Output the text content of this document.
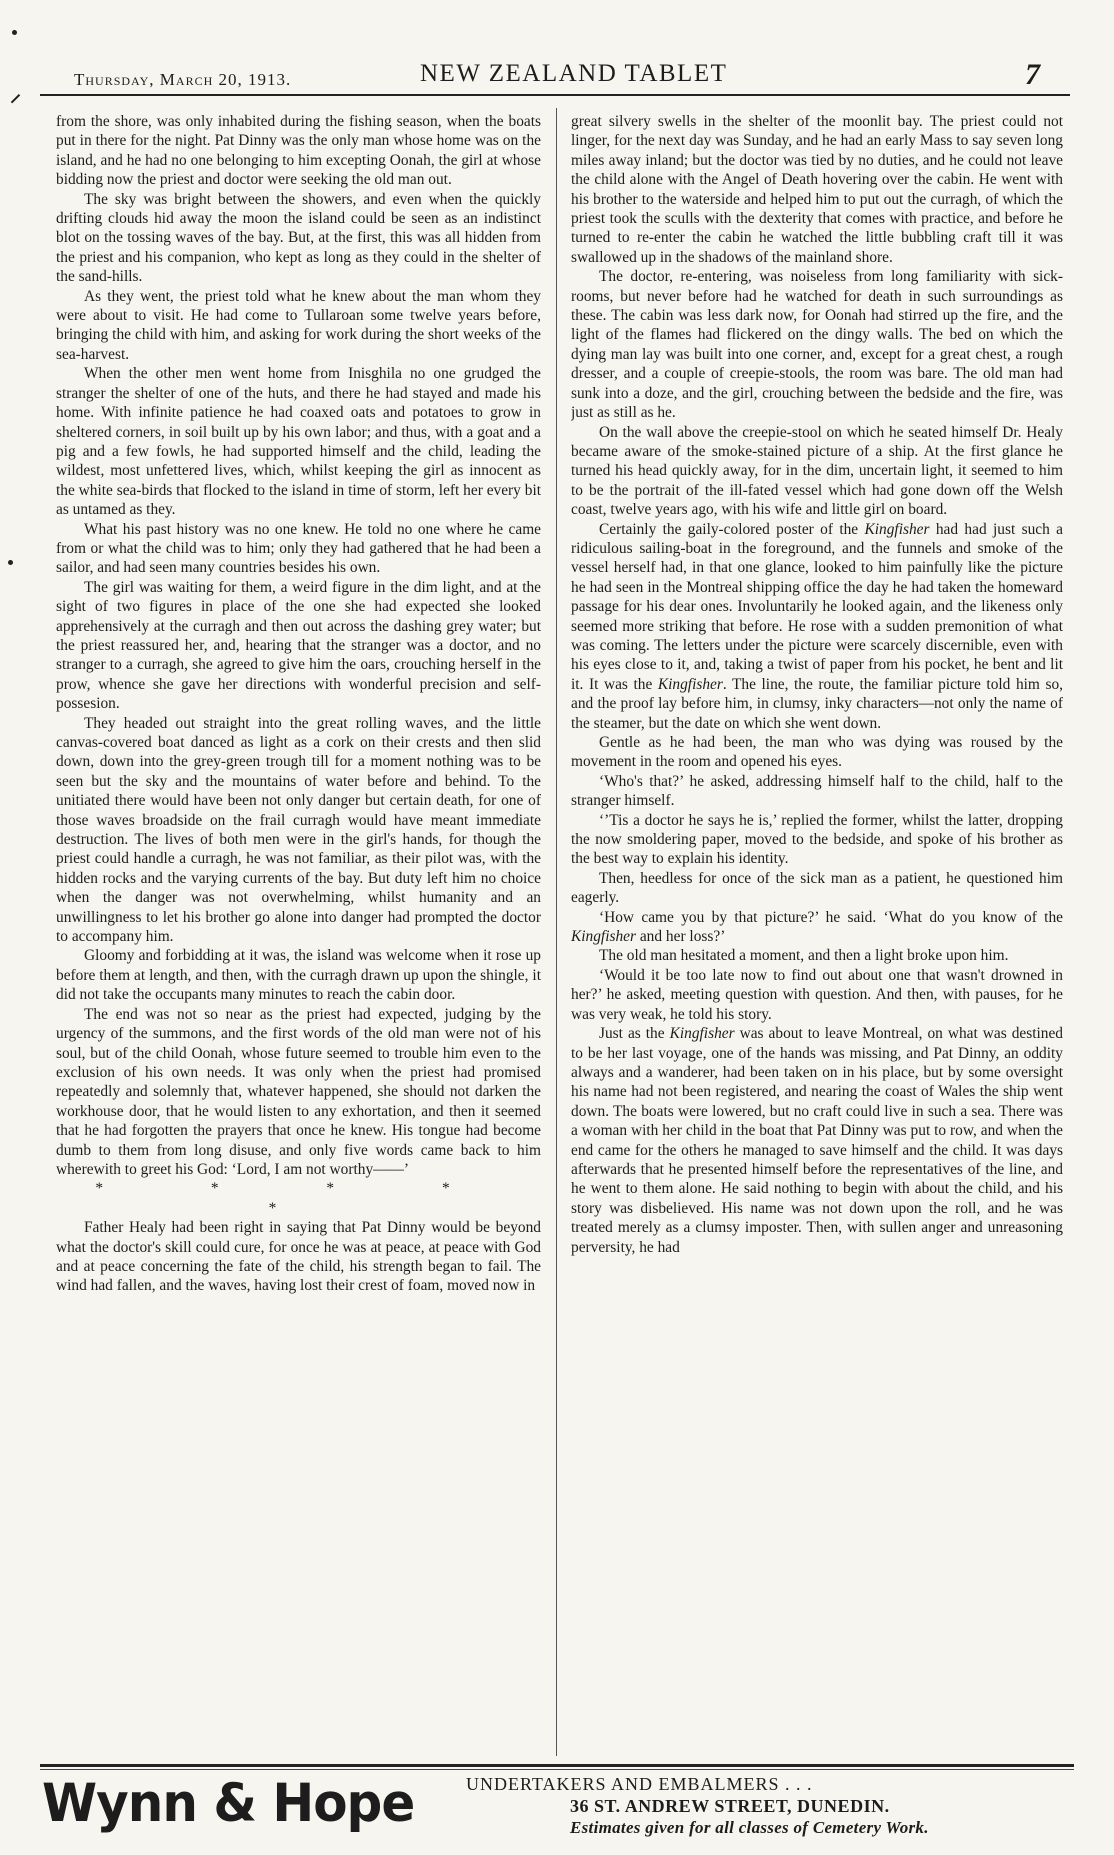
⸝
Thursday, March 20, 1913.	NEW ZEALAND TABLET	7

from the shore, was only inhabited during the fishing season, when the boats put in there for the night. Pat Dinny was the only man whose home was on the island, and he had no one belonging to him excepting Oonah, the girl at whose bidding now the priest and doctor were seeking the old man out.

The sky was bright between the showers, and even when the quickly drifting clouds hid away the moon the island could be seen as an indistinct blot on the tossing waves of the bay. But, at the first, this was all hidden from the priest and his companion, who kept as long as they could in the shelter of the sand-hills.

As they went, the priest told what he knew about the man whom they were about to visit. He had come to Tullaroan some twelve years before, bringing the child with him, and asking for work during the short weeks of the sea-harvest.

When the other men went home from Inisghila no one grudged the stranger the shelter of one of the huts, and there he had stayed and made his home. With infinite patience he had coaxed oats and potatoes to grow in sheltered corners, in soil built up by his own labor; and thus, with a goat and a pig and a few fowls, he had supported himself and the child, leading the wildest, most unfettered lives, which, whilst keeping the girl as innocent as the white sea-birds that flocked to the island in time of storm, left her every bit as untamed as they.

What his past history was no one knew. He told no one where he came from or what the child was to him; only they had gathered that he had been a sailor, and had seen many countries besides his own.

The girl was waiting for them, a weird figure in the dim light, and at the sight of two figures in place of the one she had expected she looked apprehensively at the curragh and then out across the dashing grey water; but the priest reassured her, and, hearing that the stranger was a doctor, and no stranger to a curragh, she agreed to give him the oars, crouching herself in the prow, whence she gave her directions with wonderful precision and self-possesion.

They headed out straight into the great rolling waves, and the little canvas-covered boat danced as light as a cork on their crests and then slid down, down into the grey-green trough till for a moment nothing was to be seen but the sky and the mountains of water before and behind. To the unitiated there would have been not only danger but certain death, for one of those waves broadside on the frail curragh would have meant immediate destruction. The lives of both men were in the girl's hands, for though the priest could handle a curragh, he was not familiar, as their pilot was, with the hidden rocks and the varying currents of the bay. But duty left him no choice when the danger was not overwhelming, whilst humanity and an unwillingness to let his brother go alone into danger had prompted the doctor to accompany him.

Gloomy and forbidding at it was, the island was welcome when it rose up before them at length, and then, with the curragh drawn up upon the shingle, it did not take the occupants many minutes to reach the cabin door.

The end was not so near as the priest had expected, judging by the urgency of the summons, and the first words of the old man were not of his soul, but of the child Oonah, whose future seemed to trouble him even to the exclusion of his own needs. It was only when the priest had promised repeatedly and solemnly that, whatever happened, she should not darken the workhouse door, that he would listen to any exhortation, and then it seemed that he had forgotten the prayers that once he knew. His tongue had become dumb to them from long disuse, and only five words came back to him wherewith to greet his God: ‘Lord, I am not worthy——’

* * * * *

Father Healy had been right in saying that Pat Dinny would be beyond what the doctor's skill could cure, for once he was at peace, at peace with God and at peace concerning the fate of the child, his strength began to fail. The wind had fallen, and the waves, having lost their crest of foam, moved now in

great silvery swells in the shelter of the moonlit bay. The priest could not linger, for the next day was Sunday, and he had an early Mass to say seven long miles away inland; but the doctor was tied by no duties, and he could not leave the child alone with the Angel of Death hovering over the cabin. He went with his brother to the waterside and helped him to put out the curragh, of which the priest took the sculls with the dexterity that comes with practice, and before he turned to re-enter the cabin he watched the little bubbling craft till it was swallowed up in the shadows of the mainland shore.

The doctor, re-entering, was noiseless from long familiarity with sick-rooms, but never before had he watched for death in such surroundings as these. The cabin was less dark now, for Oonah had stirred up the fire, and the light of the flames had flickered on the dingy walls. The bed on which the dying man lay was built into one corner, and, except for a great chest, a rough dresser, and a couple of creepie-stools, the room was bare. The old man had sunk into a doze, and the girl, crouching between the bedside and the fire, was just as still as he.

On the wall above the creepie-stool on which he seated himself Dr. Healy became aware of the smoke-stained picture of a ship. At the first glance he turned his head quickly away, for in the dim, uncertain light, it seemed to him to be the portrait of the ill-fated vessel which had gone down off the Welsh coast, twelve years ago, with his wife and little girl on board.

Certainly the gaily-colored poster of the Kingfisher had had just such a ridiculous sailing-boat in the foreground, and the funnels and smoke of the vessel herself had, in that one glance, looked to him painfully like the picture he had seen in the Montreal shipping office the day he had taken the homeward passage for his dear ones. Involuntarily he looked again, and the likeness only seemed more striking that before. He rose with a sudden premonition of what was coming. The letters under the picture were scarcely discernible, even with his eyes close to it, and, taking a twist of paper from his pocket, he bent and lit it. It was the Kingfisher. The line, the route, the familiar picture told him so, and the proof lay before him, in clumsy, inky characters—not only the name of the steamer, but the date on which she went down.

Gentle as he had been, the man who was dying was roused by the movement in the room and opened his eyes.

‘Who's that?’ he asked, addressing himself half to the child, half to the stranger himself.

‘’Tis a doctor he says he is,’ replied the former, whilst the latter, dropping the now smoldering paper, moved to the bedside, and spoke of his brother as the best way to explain his identity.

Then, heedless for once of the sick man as a patient, he questioned him eagerly.

‘How came you by that picture?’ he said. ‘What do you know of the Kingfisher and her loss?’

The old man hesitated a moment, and then a light broke upon him.

‘Would it be too late now to find out about one that wasn't drowned in her?’ he asked, meeting question with question. And then, with pauses, for he was very weak, he told his story.

Just as the Kingfisher was about to leave Montreal, on what was destined to be her last voyage, one of the hands was missing, and Pat Dinny, an oddity always and a wanderer, had been taken on in his place, but by some oversight his name had not been registered, and nearing the coast of Wales the ship went down. The boats were lowered, but no craft could live in such a sea. There was a woman with her child in the boat that Pat Dinny was put to row, and when the end came for the others he managed to save himself and the child. It was days afterwards that he presented himself before the representatives of the line, and he went to them alone. He said nothing to begin with about the child, and his story was disbelieved. His name was not down upon the roll, and he was treated merely as a clumsy imposter. Then, with sullen anger and unreasoning perversity, he had

Wynn & Hope	UNDERTAKERS AND EMBALMERS . . .
36 ST. ANDREW STREET, DUNEDIN.
Estimates given for all classes of Cemetery Work.
